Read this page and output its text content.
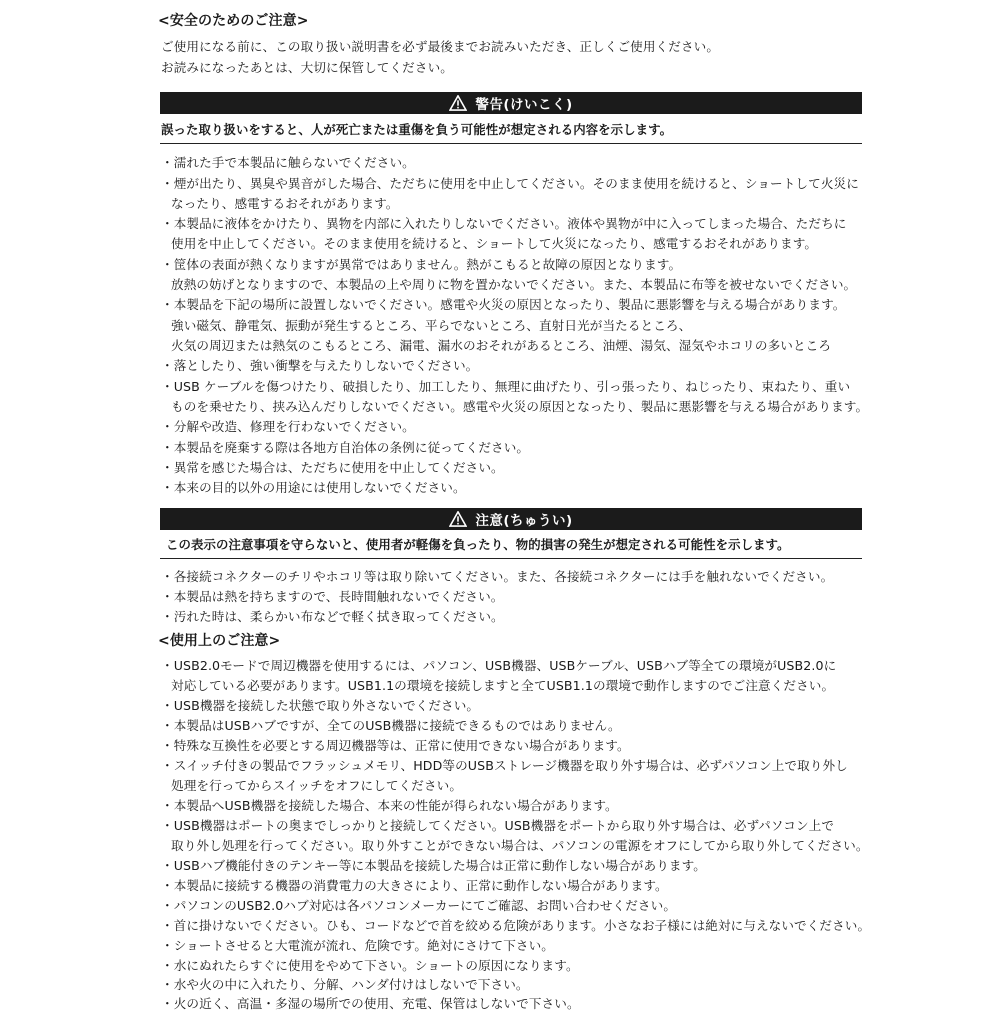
<安全のためのご注意>
ご使用になる前に、この取り扱い説明書を必ず最後までお読みいただき、正しくご使用ください。
お読みになったあとは、大切に保管してください。
警告(けいこく)
誤った取り扱いをすると、人が死亡または重傷を負う可能性が想定される内容を示します。
・濡れた手で本製品に触らないでください。
・煙が出たり、異臭や異音がした場合、ただちに使用を中止してください。そのまま使用を続けると、ショートして火災に
なったり、感電するおそれがあります。
・本製品に液体をかけたり、異物を内部に入れたりしないでください。液体や異物が中に入ってしまった場合、ただちに
使用を中止してください。そのまま使用を続けると、ショートして火災になったり、感電するおそれがあります。
・筐体の表面が熱くなりますが異常ではありません。熱がこもると故障の原因となります。
放熱の妨げとなりますので、本製品の上や周りに物を置かないでください。また、本製品に布等を被せないでください。
・本製品を下記の場所に設置しないでください。感電や火災の原因となったり、製品に悪影響を与える場合があります。
強い磁気、静電気、振動が発生するところ、平らでないところ、直射日光が当たるところ、
火気の周辺または熱気のこもるところ、漏電、漏水のおそれがあるところ、油煙、湯気、湿気やホコリの多いところ
・落としたり、強い衝撃を与えたりしないでください。
・USB ケーブルを傷つけたり、破損したり、加工したり、無理に曲げたり、引っ張ったり、ねじったり、束ねたり、重い
ものを乗せたり、挟み込んだりしないでください。感電や火災の原因となったり、製品に悪影響を与える場合があります。
・分解や改造、修理を行わないでください。
・本製品を廃棄する際は各地方自治体の条例に従ってください。
・異常を感じた場合は、ただちに使用を中止してください。
・本来の目的以外の用途には使用しないでください。
注意(ちゅうい)
この表示の注意事項を守らないと、使用者が軽傷を負ったり、物的損害の発生が想定される可能性を示します。
・各接続コネクターのチリやホコリ等は取り除いてください。また、各接続コネクターには手を触れないでください。
・本製品は熱を持ちますので、長時間触れないでください。
・汚れた時は、柔らかい布などで軽く拭き取ってください。
<使用上のご注意>
・USB2.0モードで周辺機器を使用するには、パソコン、USB機器、USBケーブル、USBハブ等全ての環境がUSB2.0に
対応している必要があります。USB1.1の環境を接続しますと全てUSB1.1の環境で動作しますのでご注意ください。
・USB機器を接続した状態で取り外さないでください。
・本製品はUSBハブですが、全てのUSB機器に接続できるものではありません。
・特殊な互換性を必要とする周辺機器等は、正常に使用できない場合があります。
・スイッチ付きの製品でフラッシュメモリ、HDD等のUSBストレージ機器を取り外す場合は、必ずパソコン上で取り外し
処理を行ってからスイッチをオフにしてください。
・本製品へUSB機器を接続した場合、本来の性能が得られない場合があります。
・USB機器はポートの奥までしっかりと接続してください。USB機器をポートから取り外す場合は、必ずパソコン上で
取り外し処理を行ってください。取り外すことができない場合は、パソコンの電源をオフにしてから取り外してください。
・USBハブ機能付きのテンキー等に本製品を接続した場合は正常に動作しない場合があります。
・本製品に接続する機器の消費電力の大きさにより、正常に動作しない場合があります。
・パソコンのUSB2.0ハブ対応は各パソコンメーカーにてご確認、お問い合わせください。
・首に掛けないでください。ひも、コードなどで首を絞める危険があります。小さなお子様には絶対に与えないでください。
・ショートさせると大電流が流れ、危険です。絶対にさけて下さい。
・水にぬれたらすぐに使用をやめて下さい。ショートの原因になります。
・水や火の中に入れたり、分解、ハンダ付けはしないで下さい。
・火の近く、高温・多湿の場所での使用、充電、保管はしないで下さい。
